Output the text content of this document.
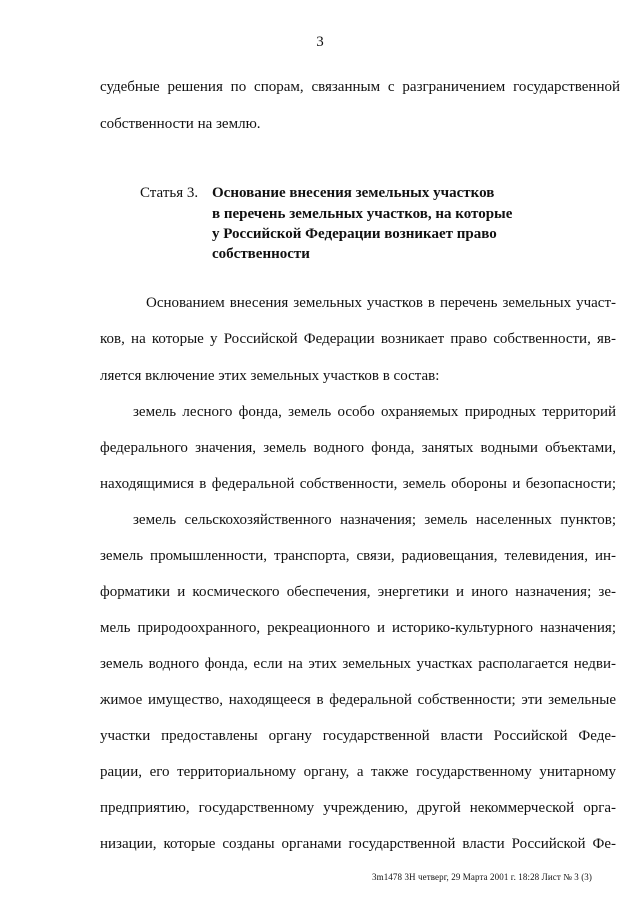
3
судебные решения по спорам, связанным с разграничением государственной
собственности на землю.
Статья 3. Основание внесения земельных участков
в перечень земельных участков, на которые
у Российской Федерации возникает право
собственности
Основанием внесения земельных участков в перечень земельных участ-
ков, на которые у Российской Федерации возникает право собственности, яв-
ляется включение этих земельных участков в состав:
земель лесного фонда, земель особо охраняемых природных территорий
федерального значения, земель водного фонда, занятых водными объектами,
находящимися в федеральной собственности, земель обороны и безопасности;
земель сельскохозяйственного назначения; земель населенных пунктов;
земель промышленности, транспорта, связи, радиовещания, телевидения, ин-
форматики и космического обеспечения, энергетики и иного назначения; зе-
мель природоохранного, рекреационного и историко-культурного назначения;
земель водного фонда, если на этих земельных участках располагается недви-
жимое имущество, находящееся в федеральной собственности; эти земельные
участки предоставлены органу государственной власти Российской Феде-
рации, его территориальному органу, а также государственному унитарному
предприятию, государственному учреждению, другой некоммерческой орга-
низации, которые созданы органами государственной власти Российской Фе-
3m1478 3Н четверг, 29 Марта 2001 г. 18:28 Лист № 3 (3)
